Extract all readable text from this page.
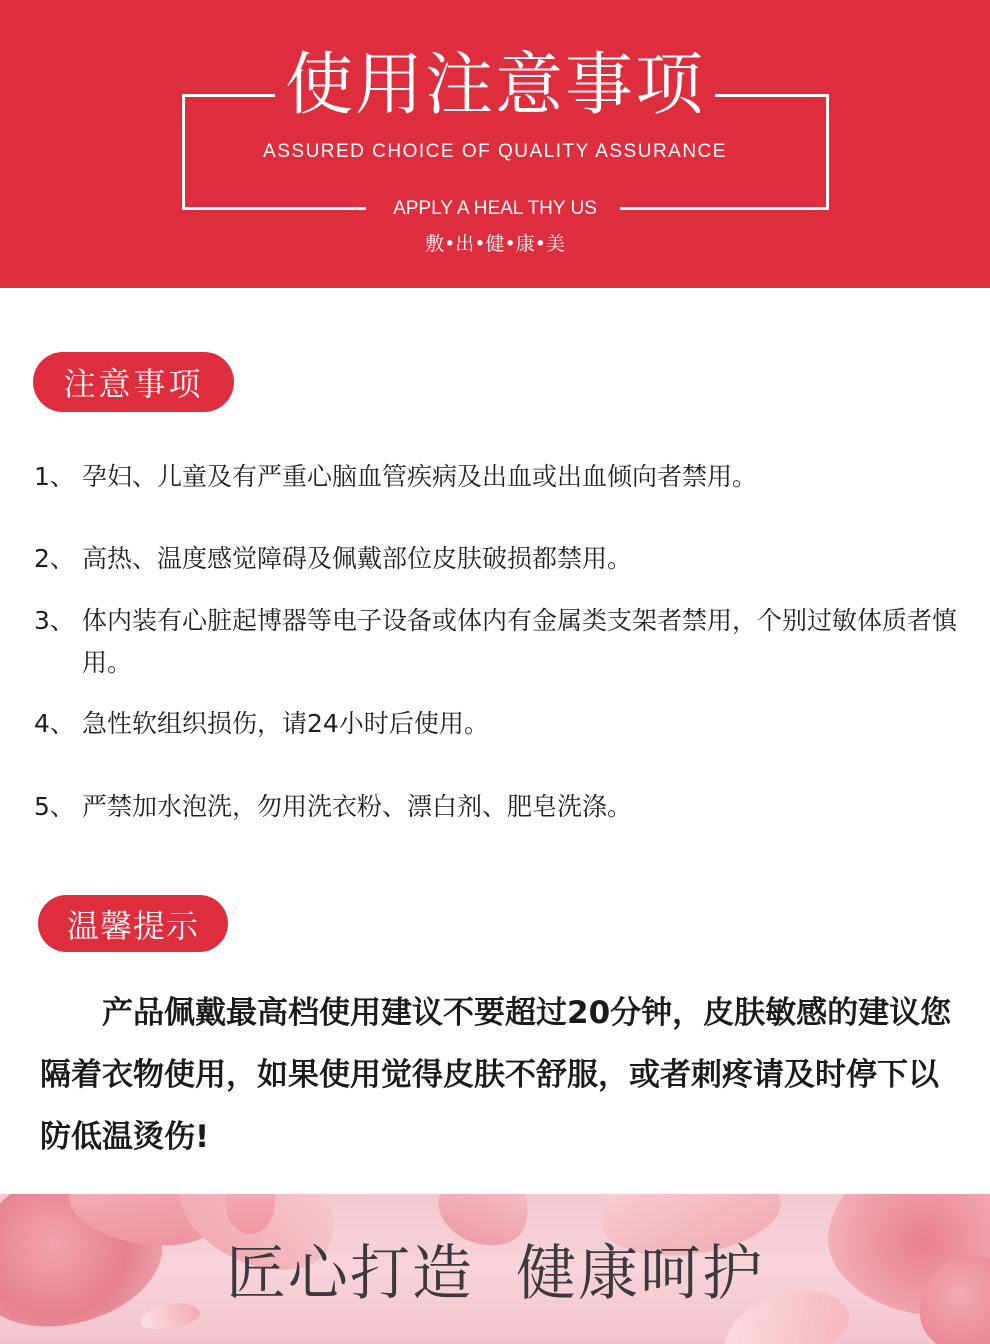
使用注意事项
ASSURED CHOICE OF QUALITY ASSURANCE
APPLY A HEAL THY US
敷•出•健•康•美
注意事项
1、 孕妇、儿童及有严重心脑血管疾病及出血或出血倾向者禁用。
2、 高热、温度感觉障碍及佩戴部位皮肤破损都禁用。
3、 体内装有心脏起博器等电子设备或体内有金属类支架者禁用，个别过敏体质者慎用。
4、 急性软组织损伤，请24小时后使用。
5、 严禁加水泡洗，勿用洗衣粉、漂白剂、肥皂洗涤。
温馨提示

产品佩戴最高档使用建议不要超过20分钟，皮肤敏感的建议您隔着衣物使用，如果使用觉得皮肤不舒服，或者刺疼请及时停下以防低温烫伤!

匠心打造  健康呵护
